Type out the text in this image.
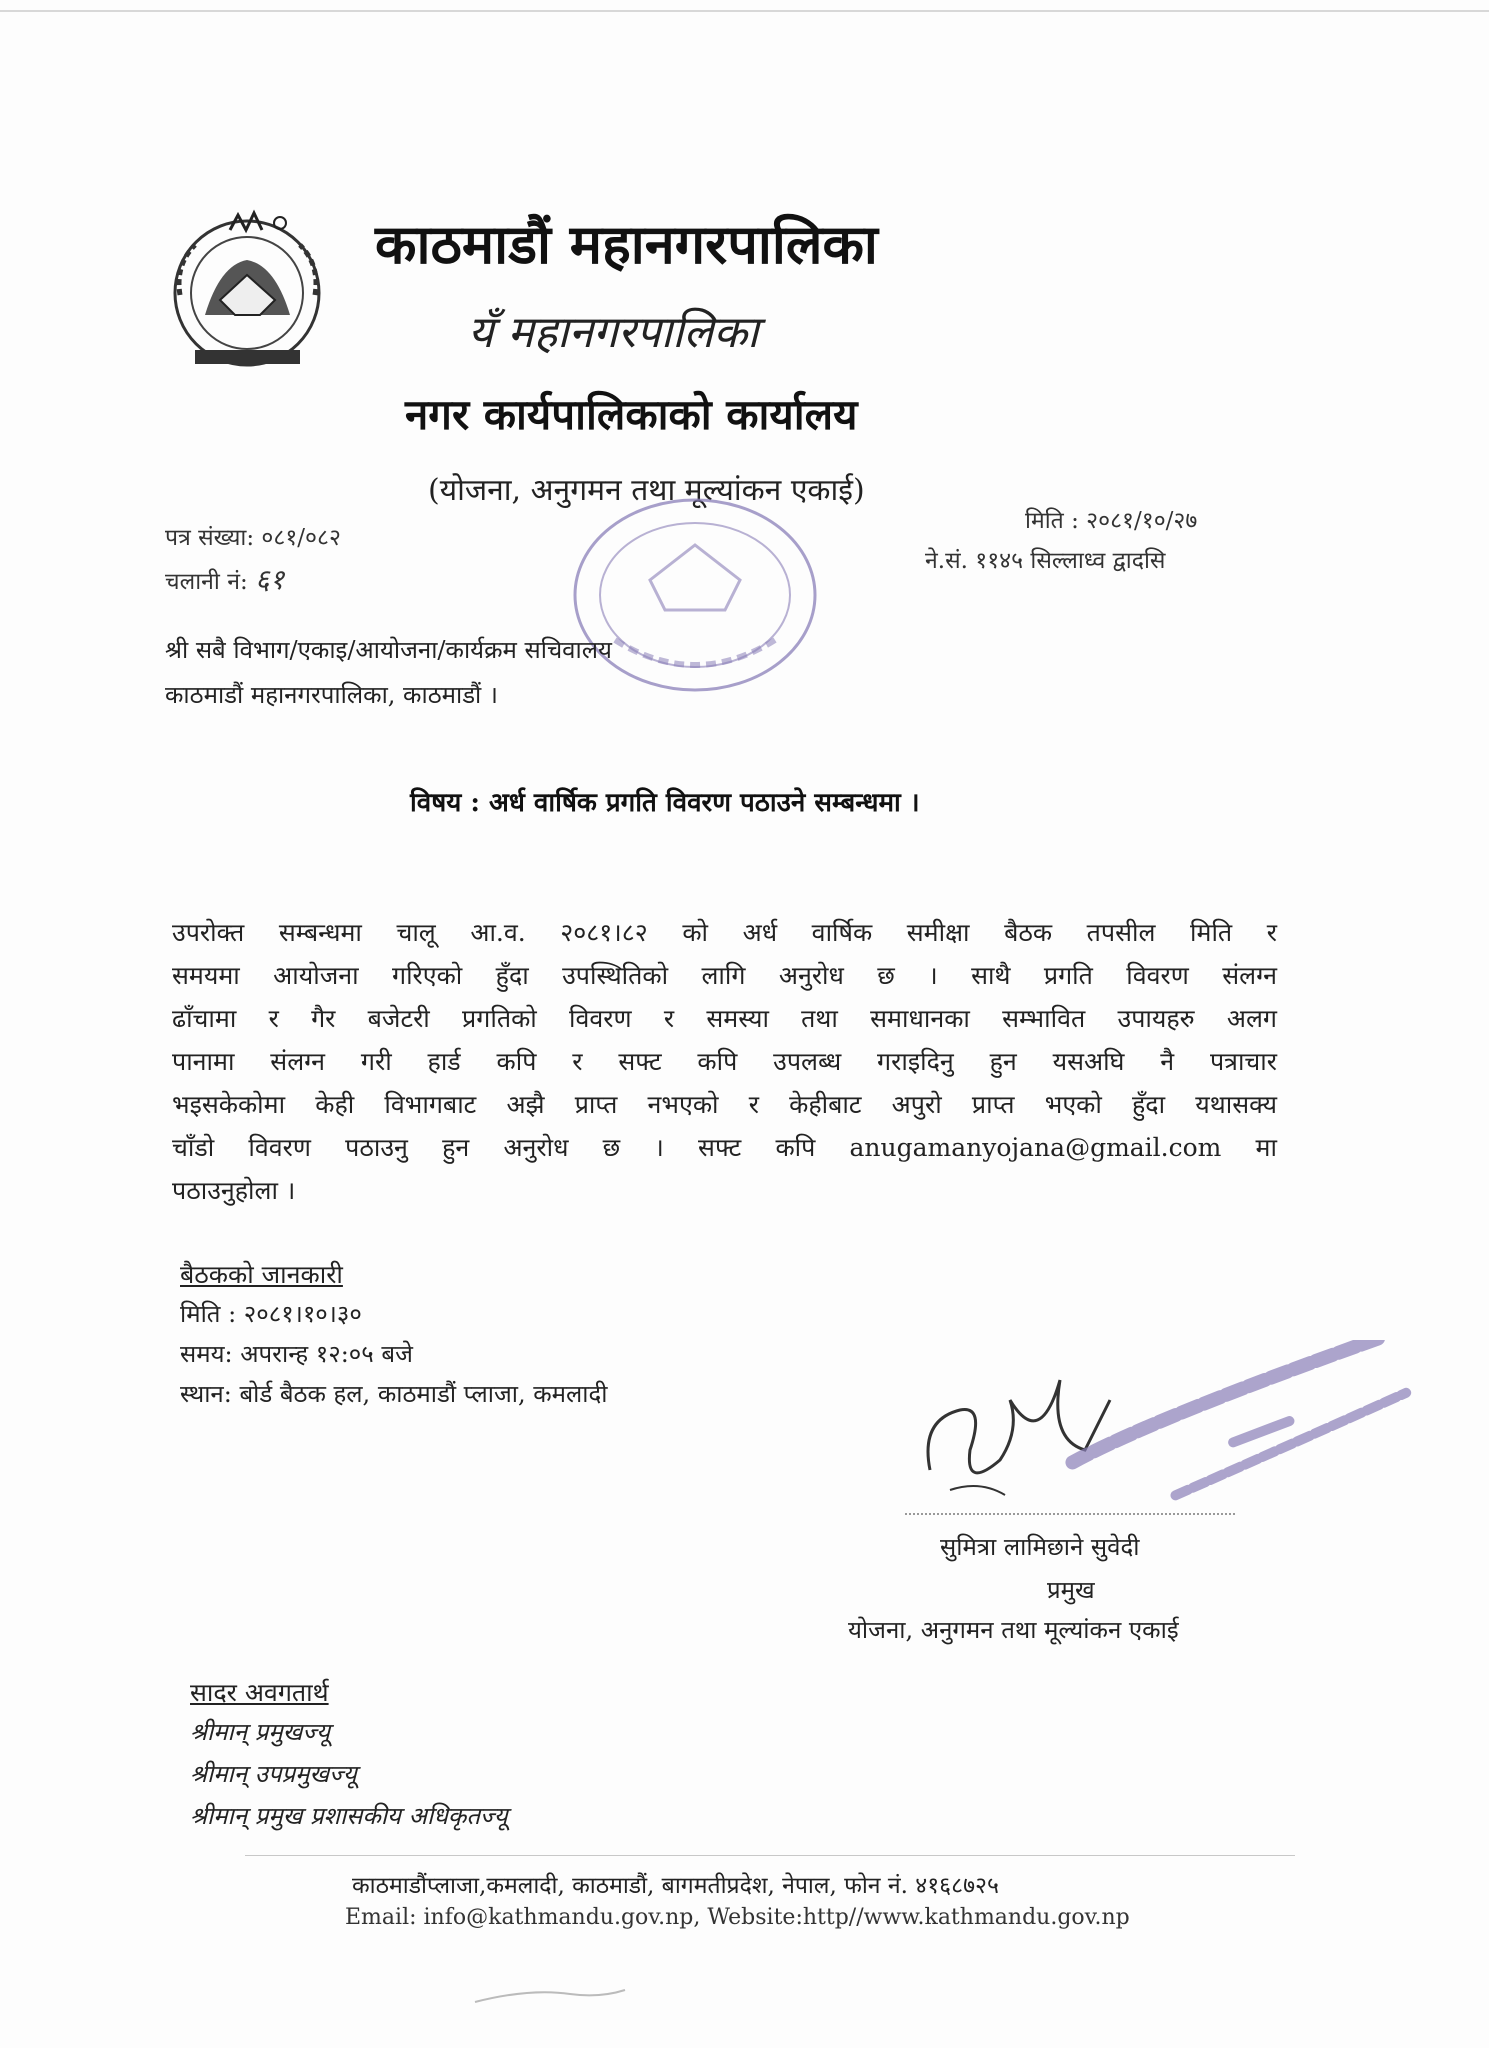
काठमाडौं महानगरपालिका
यँ महानगरपालिका
नगर कार्यपालिकाको कार्यालय
(योजना, अनुगमन तथा मूल्यांकन एकाई)
पत्र संख्या: ०८१/०८२
चलानी नं: ६१
मिति : २०८१/१०/२७
ने.सं. ११४५ सिल्लाध्व द्वादसि
श्री सबै विभाग/एकाइ/आयोजना/कार्यक्रम सचिवालय
काठमाडौं महानगरपालिका, काठमाडौं ।
विषय : अर्ध वार्षिक प्रगति विवरण पठाउने सम्बन्धमा ।
उपरोक्त सम्बन्धमा चालू आ.व. २०८१।८२ को अर्ध वार्षिक समीक्षा बैठक तपसील मिति र
समयमा आयोजना गरिएको हुँदा उपस्थितिको लागि अनुरोध छ । साथै प्रगति विवरण संलग्न
ढाँचामा र गैर बजेटरी प्रगतिको विवरण र समस्या तथा समाधानका सम्भावित उपायहरु अलग
पानामा संलग्न गरी हार्ड कपि र सफ्ट कपि उपलब्ध गराइदिनु हुन यसअघि नै पत्राचार
भइसकेकोमा केही विभागबाट अझै प्राप्त नभएको र केहीबाट अपुरो प्राप्त भएको हुँदा यथासक्य
चाँडो विवरण पठाउनु हुन अनुरोध छ । सफ्ट कपि anugamanyojana@gmail.com मा
पठाउनुहोला ।
बैठकको जानकारी
मिति : २०८१।१०।३०
समय: अपरान्ह १२:०५ बजे
स्थान: बोर्ड बैठक हल, काठमाडौं प्लाजा, कमलादी
सुमित्रा लामिछाने सुवेदी
प्रमुख
योजना, अनुगमन तथा मूल्यांकन एकाई
सादर अवगतार्थ
श्रीमान् प्रमुखज्यू
श्रीमान् उपप्रमुखज्यू
श्रीमान् प्रमुख प्रशासकीय अधिकृतज्यू
काठमाडौंप्लाजा,कमलादी, काठमाडौं, बागमतीप्रदेश, नेपाल, फोन नं. ४१६८७२५
Email: info@kathmandu.gov.np, Website:http//www.kathmandu.gov.np
